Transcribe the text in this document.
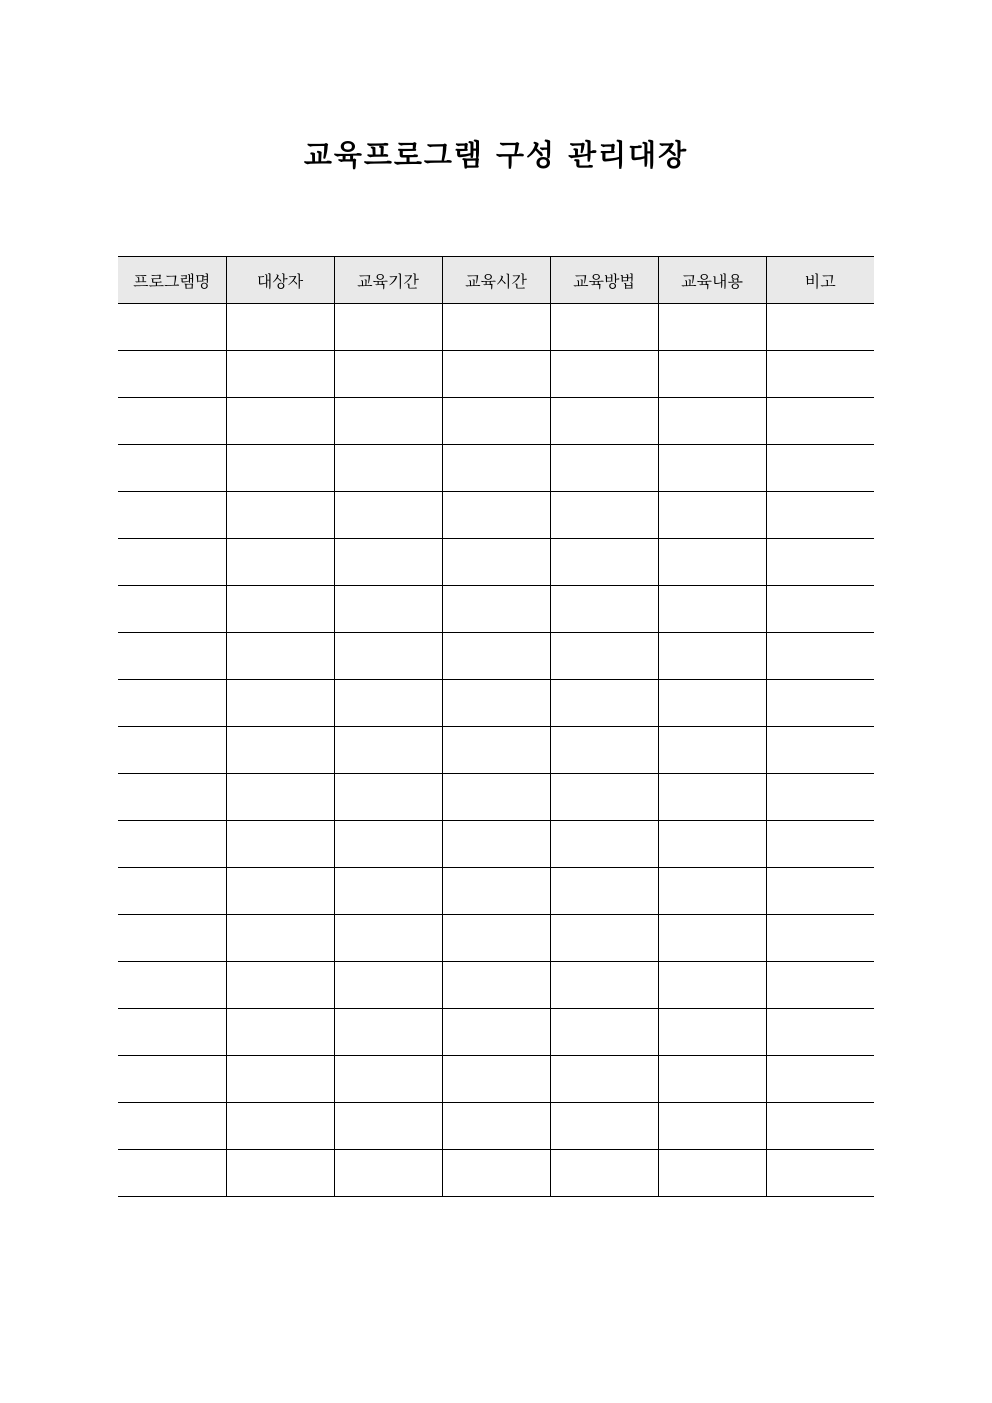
교육프로그램 구성 관리대장
프로그램명	대상자	교육기간	교육시간	교육방법	교육내용	비고
